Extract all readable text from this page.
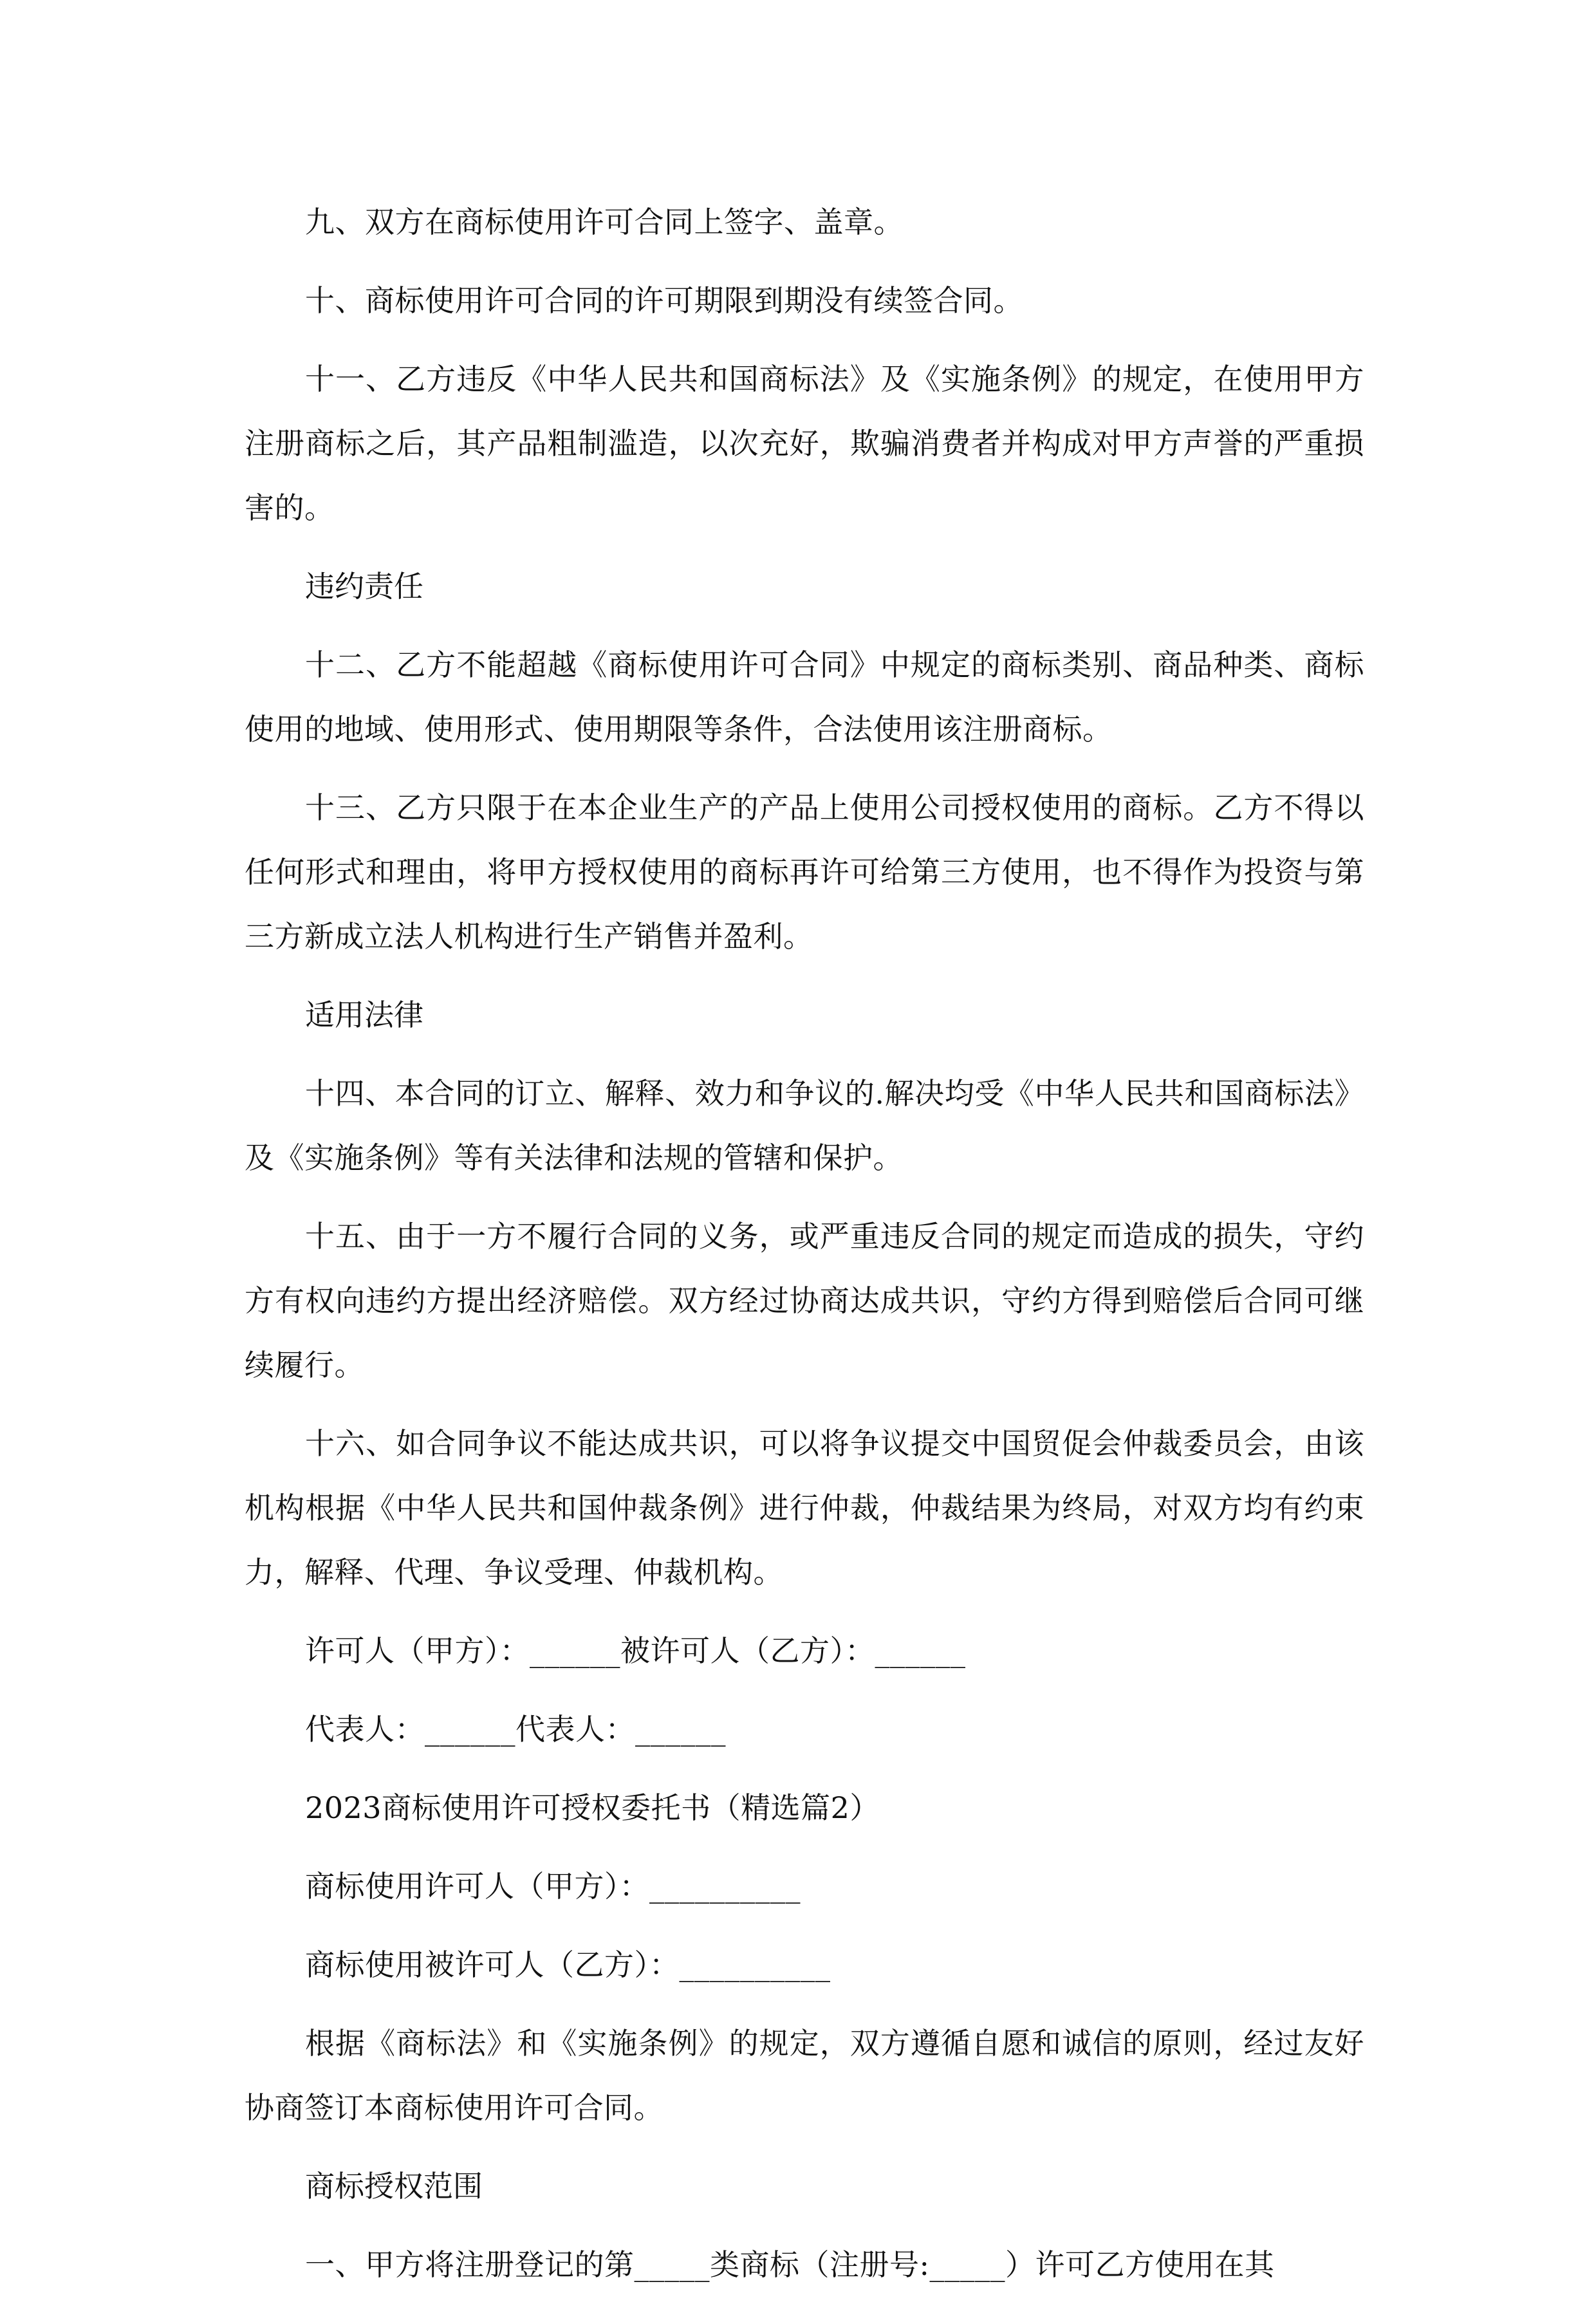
九、双方在商标使用许可合同上签字、盖章。

十、商标使用许可合同的许可期限到期没有续签合同。

十一、乙方违反《中华人民共和国商标法》及《实施条例》的规定，在使用甲方注册商标之后，其产品粗制滥造，以次充好，欺骗消费者并构成对甲方声誉的严重损害的。

违约责任

十二、乙方不能超越《商标使用许可合同》中规定的商标类别、商品种类、商标使用的地域、使用形式、使用期限等条件，合法使用该注册商标。

十三、乙方只限于在本企业生产的产品上使用公司授权使用的商标。乙方不得以任何形式和理由，将甲方授权使用的商标再许可给第三方使用，也不得作为投资与第三方新成立法人机构进行生产销售并盈利。

适用法律

十四、本合同的订立、解释、效力和争议的.解决均受《中华人民共和国商标法》及《实施条例》等有关法律和法规的管辖和保护。

十五、由于一方不履行合同的义务，或严重违反合同的规定而造成的损失，守约方有权向违约方提出经济赔偿。双方经过协商达成共识，守约方得到赔偿后合同可继续履行。

十六、如合同争议不能达成共识，可以将争议提交中国贸促会仲裁委员会，由该机构根据《中华人民共和国仲裁条例》进行仲裁，仲裁结果为终局，对双方均有约束力，解释、代理、争议受理、仲裁机构。

许可人（甲方）：______被许可人（乙方）：______

代表人：______代表人：______

2023商标使用许可授权委托书（精选篇2）

商标使用许可人（甲方）：__________

商标使用被许可人（乙方）：__________

根据《商标法》和《实施条例》的规定，双方遵循自愿和诚信的原则，经过友好协商签订本商标使用许可合同。

商标授权范围

一、甲方将注册登记的第_____类商标（注册号:_____）许可乙方使用在其
